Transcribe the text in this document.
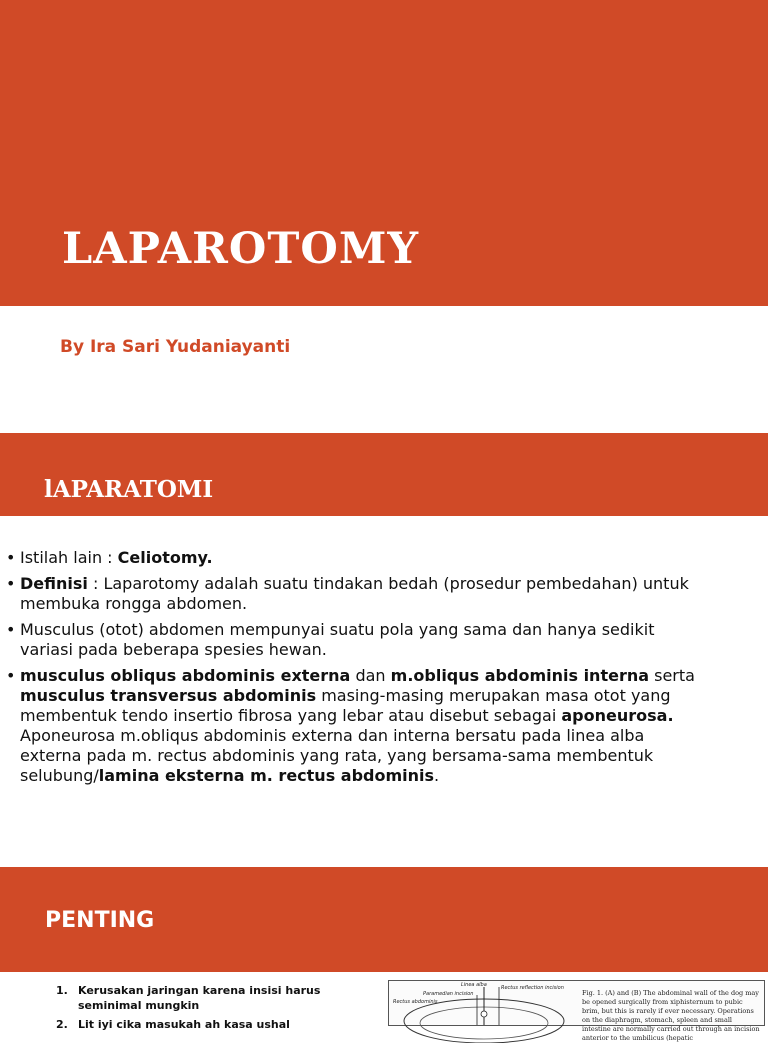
LAPAROTOMY

By Ira Sari Yudaniayanti

lAPARATOMI
• Istilah lain : Celiotomy.
• Definisi : Laparotomy adalah suatu tindakan bedah (prosedur pembedahan) untuk membuka rongga abdomen.
• Musculus (otot) abdomen mempunyai suatu pola yang sama dan hanya sedikit variasi pada beberapa spesies hewan.
• musculus obliqus abdominis externa dan m.obliqus abdominis interna serta musculus transversus abdominis masing-masing merupakan masa otot yang membentuk tendo insertio fibrosa yang lebar atau disebut sebagai aponeurosa. Aponeurosa m.obliqus abdominis externa dan interna bersatu pada linea alba externa pada m. rectus abdominis yang rata, yang bersama-sama membentuk selubung/lamina eksterna m. rectus abdominis.
PENTING
1. Kerusakan jaringan karena insisi harus seminimal mungkin
2. Lit iyi cika masukah ah kasa ushal
Linea alba	Rectus reflection incision
Paramedian incision
Rectus abdominis

Fig. 1. (A) and (B) The abdominal wall of the dog may be opened surgically from xiphisternum to pubic brim, but this is rarely if ever necessary. Operations on the diaphragm, stomach, spleen and small intestine are normally carried out through an incision anterior to the umbilicus (hepatic
